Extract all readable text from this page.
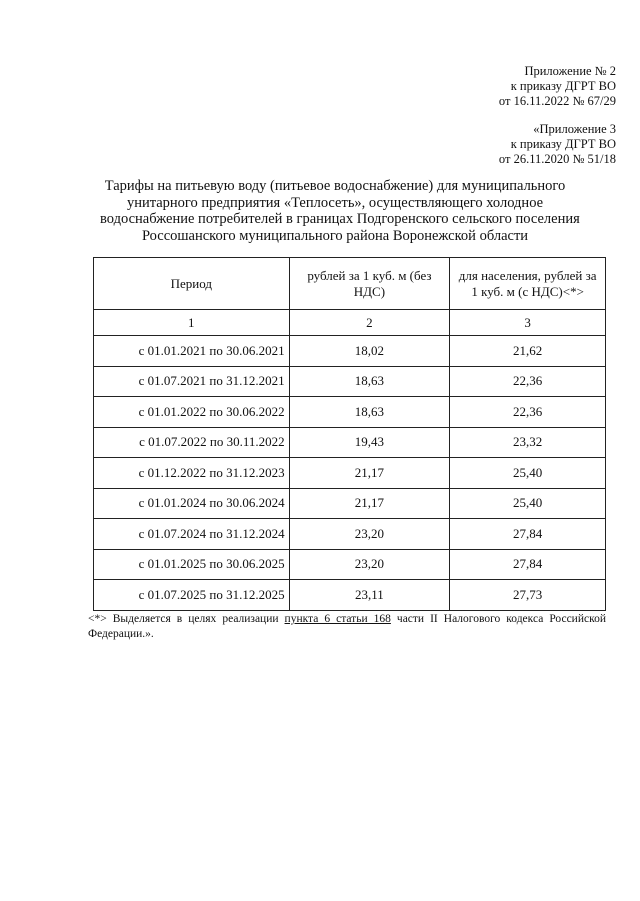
Приложение № 2
к приказу ДГРТ ВО
от 16.11.2022 № 67/29
«Приложение 3
к приказу ДГРТ ВО
от 26.11.2020 № 51/18
Тарифы на питьевую воду (питьевое водоснабжение) для муниципального
унитарного предприятия «Теплосеть», осуществляющего холодное
водоснабжение потребителей в границах Подгоренского сельского поселения
Россошанского муниципального района Воронежской области
Период	рублей за 1 куб. м (без НДС)	для населения, рублей за 1 куб. м (с НДС)<*>
1	2	3
с 01.01.2021 по 30.06.2021	18,02	21,62
с 01.07.2021 по 31.12.2021	18,63	22,36
с 01.01.2022 по 30.06.2022	18,63	22,36
с 01.07.2022 по 30.11.2022	19,43	23,32
с 01.12.2022 по 31.12.2023	21,17	25,40
с 01.01.2024 по 30.06.2024	21,17	25,40
с 01.07.2024 по 31.12.2024	23,20	27,84
с 01.01.2025 по 30.06.2025	23,20	27,84
с 01.07.2025 по 31.12.2025	23,11	27,73
<*> Выделяется в целях реализации пункта 6 статьи 168 части II Налогового кодекса Российской Федерации.».
